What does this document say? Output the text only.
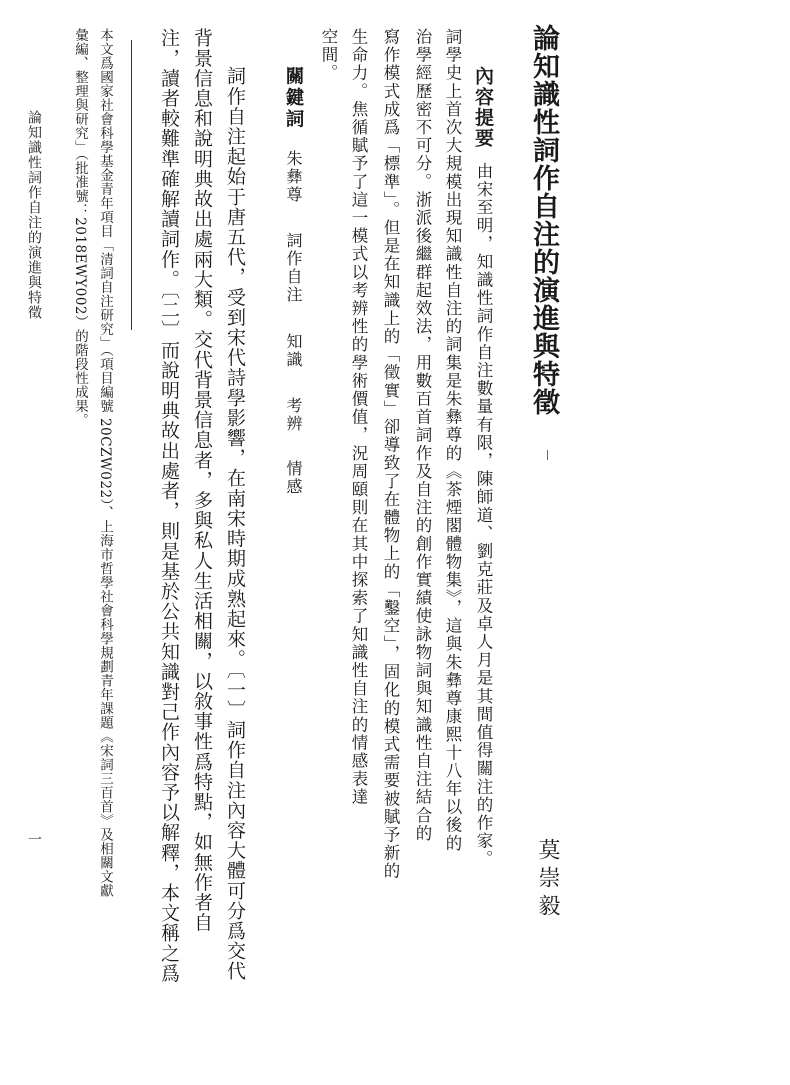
論知識性詞作自注的演進與特徵
莫崇毅
內容提要由宋至明，知識性詞作自注數量有限，陳師道、劉克莊及卓人月是其間值得關注的作家。
詞學史上首次大規模出現知識性自注的詞集是朱彝尊的《茶煙閣體物集》，這與朱彝尊康熙十八年以後的
治學經歷密不可分。浙派後繼群起效法，用數百首詞作及自注的創作實績使詠物詞與知識性自注結合的
寫作模式成爲「標準」。但是在知識上的「徵實」卻導致了在體物上的「鑿空」，固化的模式需要被賦予新的
生命力。焦循賦予了這一模式以考辨性的學術價值，況周頤則在其中探索了知識性自注的情感表達
空間。
關鍵詞
朱彝尊
詞作自注
知識
考辨
情感
詞作自注起始于唐五代，受到宋代詩學影響，在南宋時期成熟起來。〔一〕詞作自注內容大體可分爲交代
背景信息和說明典故出處兩大類。交代背景信息者，多與私人生活相關，以敘事性爲特點，如無作者自
注，讀者較難準確解讀詞作。〔二〕而說明典故出處者，則是基於公共知識對己作內容予以解釋，本文稱之爲
本文爲國家社會科學基金青年項目「清詞自注研究」（項目編號 20CZW022）、上海市哲學社會科學規劃青年課題《宋詞三百首》及相關文獻
彙編、整理與研究」（批准號：2018EWY002）的階段性成果。
論知識性詞作自注的演進與特徵
一
